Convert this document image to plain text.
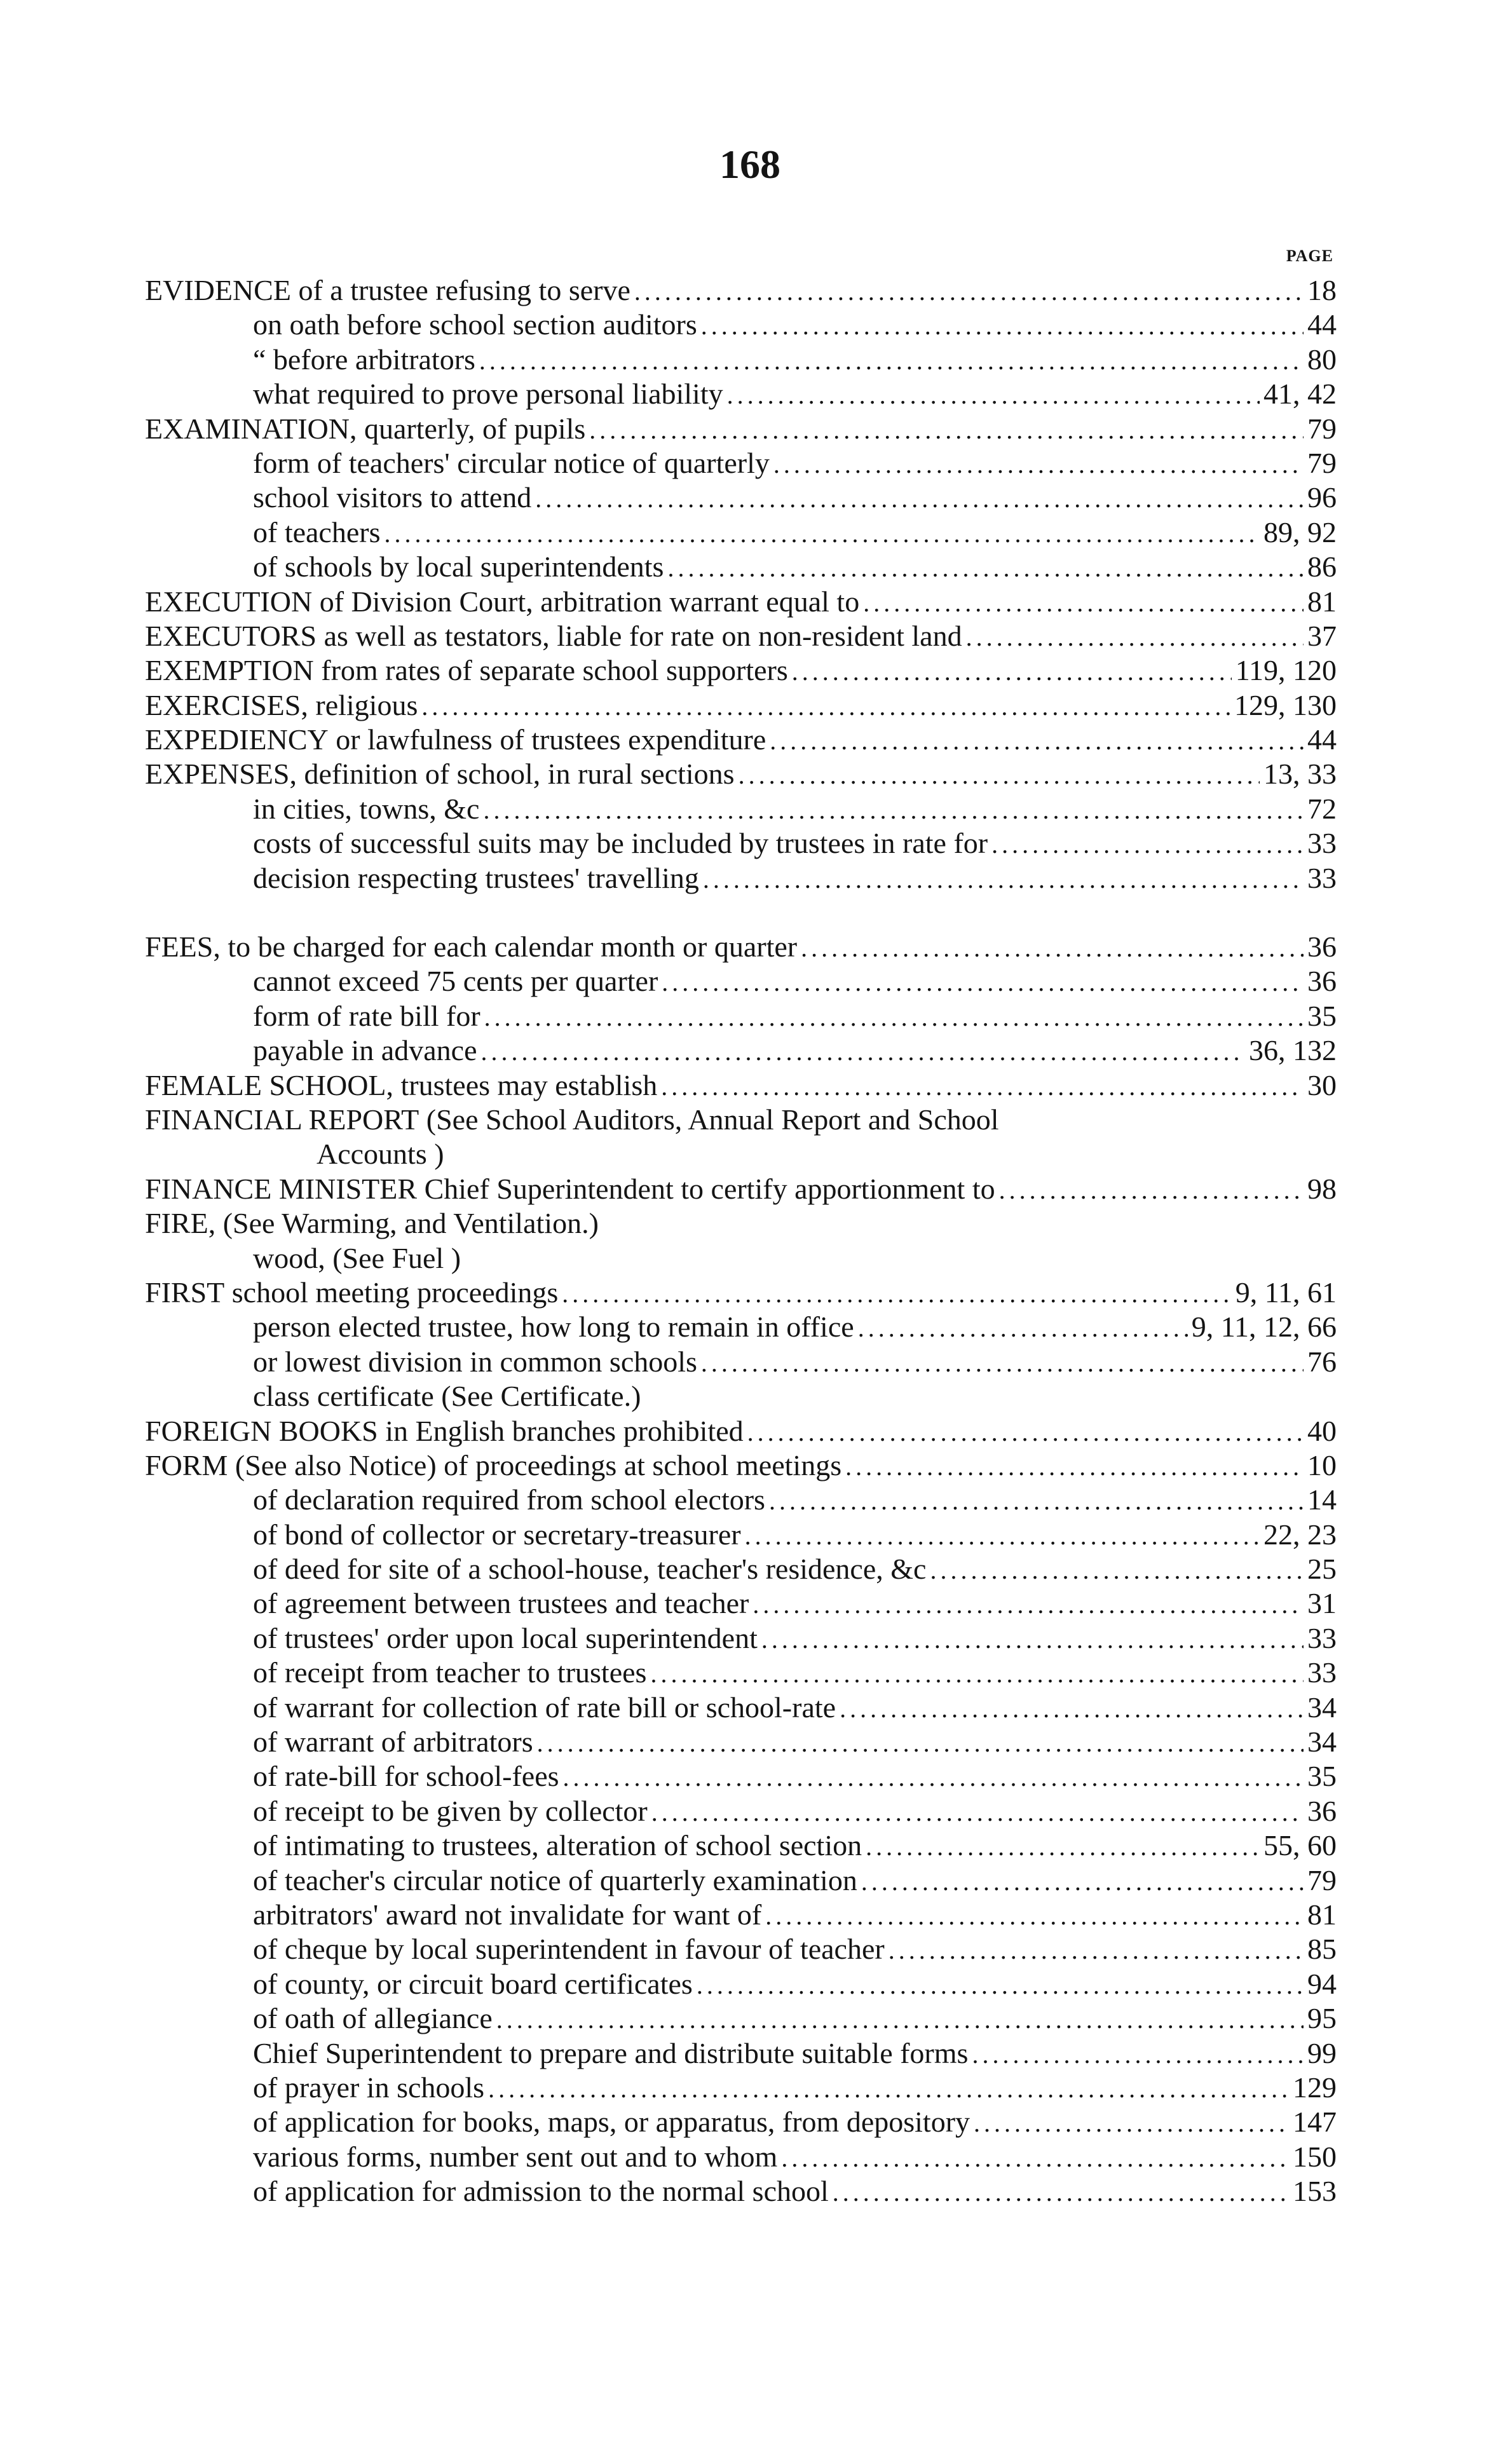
168
PAGE
EVIDENCE of a trustee refusing to serve .....	18
on oath before school section auditors .....	44
“ before arbitrators .....	80
what required to prove personal liability .....	41, 42
EXAMINATION, quarterly, of pupils .....	79
form of teachers' circular notice of quarterly .....	79
school visitors to attend .....	96
of teachers .....	89, 92
of schools by local superintendents .....	86
EXECUTION of Division Court, arbitration warrant equal to .....	81
EXECUTORS as well as testators, liable for rate on non-resident land .....	37
EXEMPTION from rates of separate school supporters .....	119, 120
EXERCISES, religious .....	129, 130
EXPEDIENCY or lawfulness of trustees expenditure .....	44
EXPENSES, definition of school, in rural sections .....	13, 33
in cities, towns, &c .....	72
costs of successful suits may be included by trustees in rate for .....	33
decision respecting trustees' travelling .....	33
FEES, to be charged for each calendar month or quarter .....	36
cannot exceed 75 cents per quarter .....	36
form of rate bill for .....	35
payable in advance .....	36, 132
FEMALE SCHOOL, trustees may establish .....	30
FINANCIAL REPORT (See School Auditors, Annual Report and School
Accounts )
FINANCE MINISTER Chief Superintendent to certify apportionment to .....	98
FIRE, (See Warming, and Ventilation.)
wood, (See Fuel )
FIRST school meeting proceedings .....	9, 11, 61
person elected trustee, how long to remain in office .....	9, 11, 12, 66
or lowest division in common schools .....	76
class certificate (See Certificate.)
FOREIGN BOOKS in English branches prohibited .....	40
FORM (See also Notice) of proceedings at school meetings .....	10
of declaration required from school electors .....	14
of bond of collector or secretary-treasurer .....	22, 23
of deed for site of a school-house, teacher's residence, &c .....	25
of agreement between trustees and teacher .....	31
of trustees' order upon local superintendent .....	33
of receipt from teacher to trustees .....	33
of warrant for collection of rate bill or school-rate .....	34
of warrant of arbitrators .....	34
of rate-bill for school-fees .....	35
of receipt to be given by collector .....	36
of intimating to trustees, alteration of school section .....	55, 60
of teacher's circular notice of quarterly examination .....	79
arbitrators' award not invalidate for want of .....	81
of cheque by local superintendent in favour of teacher .....	85
of county, or circuit board certificates .....	94
of oath of allegiance .....	95
Chief Superintendent to prepare and distribute suitable forms .....	99
of prayer in schools .....	129
of application for books, maps, or apparatus, from depository .....	147
various forms, number sent out and to whom .....	150
of application for admission to the normal school .....	153
